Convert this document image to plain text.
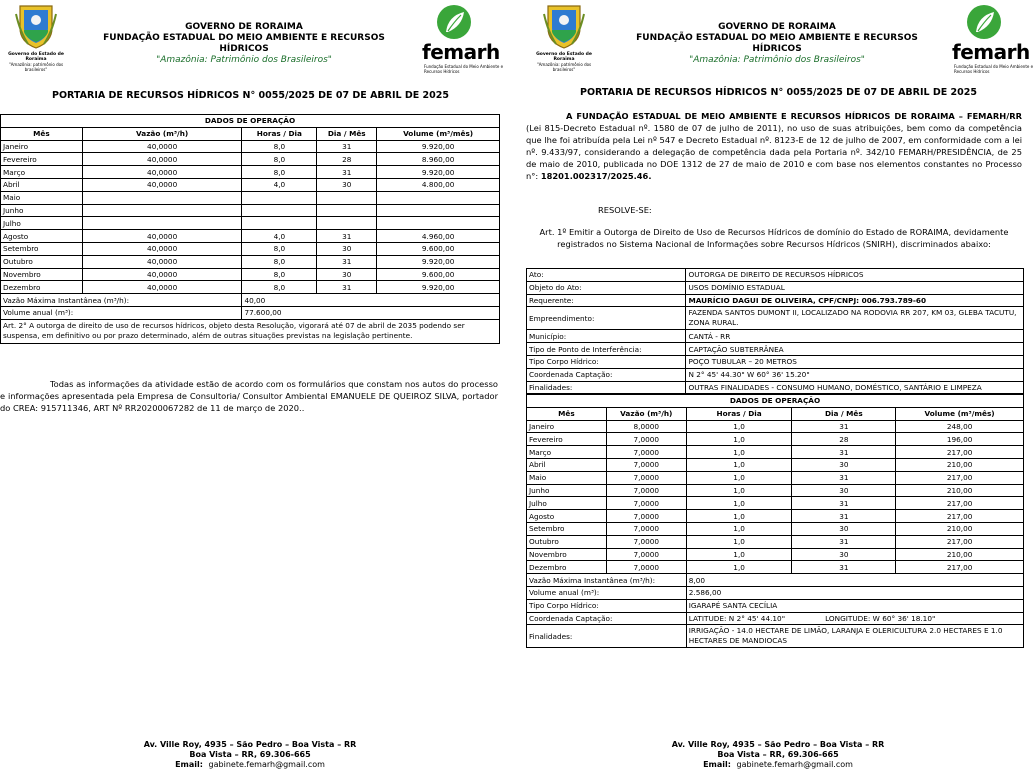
Governo do Estado de Roraima
"Amazônia: patrimônio dos brasileiros"
GOVERNO DE RORAIMA
FUNDAÇÃO ESTADUAL DO MEIO AMBIENTE E RECURSOS HÍDRICOS
"Amazônia: Patrimônio dos Brasileiros"	femarh
Fundação Estadual do Meio Ambiente e Recursos Hídricos
PORTARIA DE RECURSOS HÍDRICOS N° 0055/2025 DE 07 DE ABRIL DE 2025
DADOS DE OPERAÇÃO				
Mês	Vazão (m³/h)	Horas / Dia	Dia / Mês	Volume (m³/mês)
Janeiro	40,0000	8,0	31	9.920,00
Fevereiro	40,0000	8,0	28	8.960,00
Março	40,0000	8,0	31	9.920,00
Abril	40,0000	4,0	30	4.800,00
Maio				
Junho				
Julho				
Agosto	40,0000	4,0	31	4.960,00
Setembro	40,0000	8,0	30	9.600,00
Outubro	40,0000	8,0	31	9.920,00
Novembro	40,0000	8,0	30	9.600,00
Dezembro	40,0000	8,0	31	9.920,00
Vazão Máxima Instantânea (m³/h):		40,00		
Volume anual (m³):		77.600,00		
Art. 2° A outorga de direito de uso de recursos hídricos, objeto desta Resolução, vigorará até 07 de abril de 2035 podendo ser suspensa, em definitivo ou por prazo determinado, além de outras situações previstas na legislação pertinente.				
Todas as informações da atividade estão de acordo com os formulários que constam nos autos do processo e informações apresentada pela Empresa de Consultoria/ Consultor Ambiental EMANUELE DE QUEIROZ SILVA, portador do CREA: 915711346, ART Nº RR20200067282 de 11 de março de 2020..
Av. Ville Roy, 4935 – São Pedro – Boa Vista – RR
Boa Vista – RR, 69.306-665
Email: gabinete.femarh@gmail.com
Governo do Estado de Roraima
"Amazônia: patrimônio dos brasileiros"
GOVERNO DE RORAIMA
FUNDAÇÃO ESTADUAL DO MEIO AMBIENTE E RECURSOS HÍDRICOS
"Amazônia: Patrimônio dos Brasileiros"	femarh
Fundação Estadual do Meio Ambiente e Recursos Hídricos
PORTARIA DE RECURSOS HÍDRICOS N° 0055/2025 DE 07 DE ABRIL DE 2025
A FUNDAÇÃO ESTADUAL DE MEIO AMBIENTE E RECURSOS HÍDRICOS DE RORAIMA – FEMARH/RR (Lei 815-Decreto Estadual nº. 1580 de 07 de julho de 2011), no uso de suas atribuições, bem como da competência que lhe foi atribuída pela Lei nº 547 e Decreto Estadual nº. 8123-E de 12 de julho de 2007, em conformidade com a lei nº. 9.433/97, considerando a delegação de competência dada pela Portaria nº. 342/10 FEMARH/PRESIDÊNCIA, de 25 de maio de 2010, publicada no DOE 1312 de 27 de maio de 2010 e com base nos elementos constantes no Processo n°: 18201.002317/2025.46.
RESOLVE-SE:
Art. 1º Emitir a Outorga de Direito de Uso de Recursos Hídricos de domínio do Estado de RORAIMA, devidamente registrados no Sistema Nacional de Informações sobre Recursos Hídricos (SNIRH), discriminados abaixo:
Ato:	OUTORGA DE DIREITO DE RECURSOS HÍDRICOS
Objeto do Ato:	USOS DOMÍNIO ESTADUAL
Requerente:	MAURÍCIO DAGUI DE OLIVEIRA, CPF/CNPJ: 006.793.789-60
Empreendimento:	FAZENDA SANTOS DUMONT II, LOCALIZADO NA RODOVIA RR 207, KM 03, GLEBA TACUTU, ZONA RURAL.
Município:	CANTÁ - RR
Tipo de Ponto de Interferência:	CAPTAÇÃO SUBTERRÂNEA
Tipo Corpo Hídrico:	POÇO TUBULAR – 20 METROS
Coordenada Captação:	N 2° 45' 44.30" W 60° 36' 15.20"
Finalidades:	OUTRAS FINALIDADES - CONSUMO HUMANO, DOMÉSTICO, SANTÁRIO E LIMPEZA
DADOS DE OPERAÇÃO				
Mês	Vazão (m³/h)	Horas / Dia	Dia / Mês	Volume (m³/mês)
Janeiro	8,0000	1,0	31	248,00
Fevereiro	7,0000	1,0	28	196,00
Março	7,0000	1,0	31	217,00
Abril	7,0000	1,0	30	210,00
Maio	7,0000	1,0	31	217,00
Junho	7,0000	1,0	30	210,00
Julho	7,0000	1,0	31	217,00
Agosto	7,0000	1,0	31	217,00
Setembro	7,0000	1,0	30	210,00
Outubro	7,0000	1,0	31	217,00
Novembro	7,0000	1,0	30	210,00
Dezembro	7,0000	1,0	31	217,00
Vazão Máxima Instantânea (m³/h):		8,00		
Volume anual (m³):		2.586,00		
Tipo Corpo Hídrico:		IGARAPÉ SANTA CECÍLIA		
Coordenada Captação:		LATITUDE: N 2° 45' 44.10" LONGITUDE: W 60° 36' 18.10"		
Finalidades:		IRRIGAÇÃO - 14.0 HECTARE DE LIMÃO, LARANJA E OLERICULTURA 2.0 HECTARES E 1.0 HECTARES DE MANDIOCAS		
Av. Ville Roy, 4935 – São Pedro – Boa Vista – RR
Boa Vista – RR, 69.306-665
Email: gabinete.femarh@gmail.com
